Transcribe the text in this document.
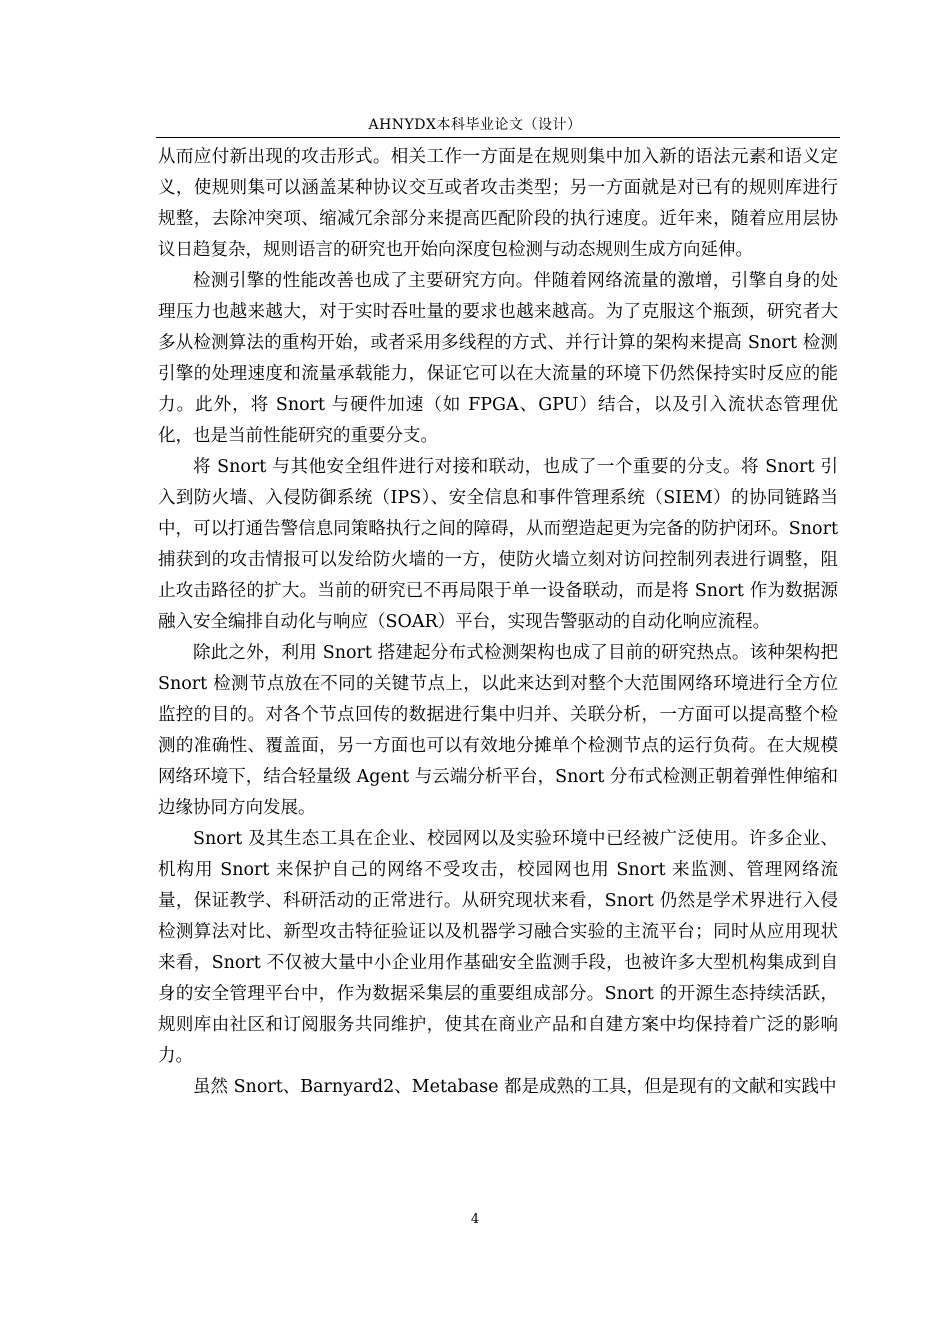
AHNYDX本科毕业论文（设计）

从而应付新出现的攻击形式。相关工作一方面是在规则集中加入新的语法元素和语义定义，使规则集可以涵盖某种协议交互或者攻击类型；另一方面就是对已有的规则库进行规整，去除冲突项、缩减冗余部分来提高匹配阶段的执行速度。近年来，随着应用层协议日趋复杂，规则语言的研究也开始向深度包检测与动态规则生成方向延伸。

检测引擎的性能改善也成了主要研究方向。伴随着网络流量的激增，引擎自身的处理压力也越来越大，对于实时吞吐量的要求也越来越高。为了克服这个瓶颈，研究者大多从检测算法的重构开始，或者采用多线程的方式、并行计算的架构来提高 Snort 检测引擎的处理速度和流量承载能力，保证它可以在大流量的环境下仍然保持实时反应的能力。此外，将 Snort 与硬件加速（如 FPGA、GPU）结合，以及引入流状态管理优化，也是当前性能研究的重要分支。

将 Snort 与其他安全组件进行对接和联动，也成了一个重要的分支。将 Snort 引入到防火墙、入侵防御系统（IPS）、安全信息和事件管理系统（SIEM）的协同链路当中，可以打通告警信息同策略执行之间的障碍，从而塑造起更为完备的防护闭环。Snort 捕获到的攻击情报可以发给防火墙的一方，使防火墙立刻对访问控制列表进行调整，阻止攻击路径的扩大。当前的研究已不再局限于单一设备联动，而是将 Snort 作为数据源融入安全编排自动化与响应（SOAR）平台，实现告警驱动的自动化响应流程。

除此之外，利用 Snort 搭建起分布式检测架构也成了目前的研究热点。该种架构把 Snort 检测节点放在不同的关键节点上，以此来达到对整个大范围网络环境进行全方位监控的目的。对各个节点回传的数据进行集中归并、关联分析，一方面可以提高整个检测的准确性、覆盖面，另一方面也可以有效地分摊单个检测节点的运行负荷。在大规模网络环境下，结合轻量级 Agent 与云端分析平台，Snort 分布式检测正朝着弹性伸缩和边缘协同方向发展。

Snort 及其生态工具在企业、校园网以及实验环境中已经被广泛使用。许多企业、机构用 Snort 来保护自己的网络不受攻击，校园网也用 Snort 来监测、管理网络流量，保证教学、科研活动的正常进行。从研究现状来看，Snort 仍然是学术界进行入侵检测算法对比、新型攻击特征验证以及机器学习融合实验的主流平台；同时从应用现状来看，Snort 不仅被大量中小企业用作基础安全监测手段，也被许多大型机构集成到自身的安全管理平台中，作为数据采集层的重要组成部分。Snort 的开源生态持续活跃，规则库由社区和订阅服务共同维护，使其在商业产品和自建方案中均保持着广泛的影响力。

虽然 Snort、Barnyard2、Metabase 都是成熟的工具，但是现有的文献和实践中

4
